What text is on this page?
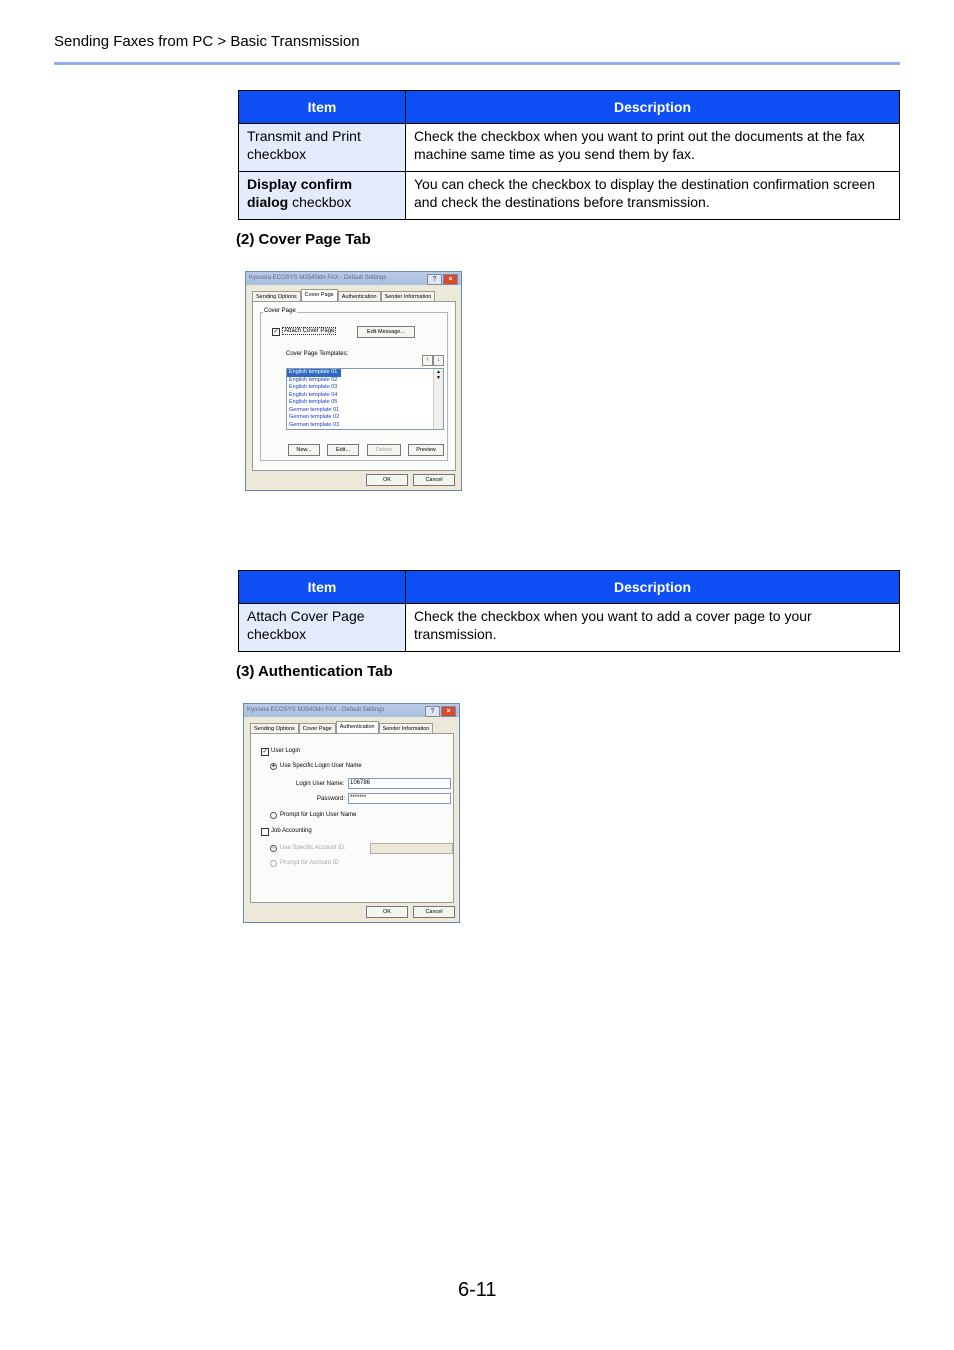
Sending Faxes from PC > Basic Transmission
Item	Description
Transmit and Print checkbox	Check the checkbox when you want to print out the documents at the fax machine same time as you send them by fax.
Display confirm dialog checkbox	You can check the checkbox to display the destination confirmation screen and check the destinations before transmission.
(2) Cover Page Tab
Kyocera ECOSYS M3540idn FAX - Default Settings	?	×
Sending Options	Cover Page	Authentication	Sender Information
Cover Page
✓ Attach Cover Page	Edit Message...
Cover Page Templates:
↑	↓
English template 01
English template 02
English template 03
English template 04
English template 05
German template 01
German template 02
German template 03
▲
▼
New...	Edit...	Delete	Preview
OK	Cancel
Item	Description
Attach Cover Page checkbox	Check the checkbox when you want to add a cover page to your transmission.
(3) Authentication Tab
Kyocera ECOSYS M3540idn FAX - Default Settings	?	×
Sending Options	Cover Page	Authentication	Sender Information
✓ User Login
● Use Specific Login User Name
Login User Name: 106786
Password: *******
Prompt for Login User Name
Job Accounting
● Use Specific Account ID:
Prompt for Account ID
OK	Cancel
6-11
